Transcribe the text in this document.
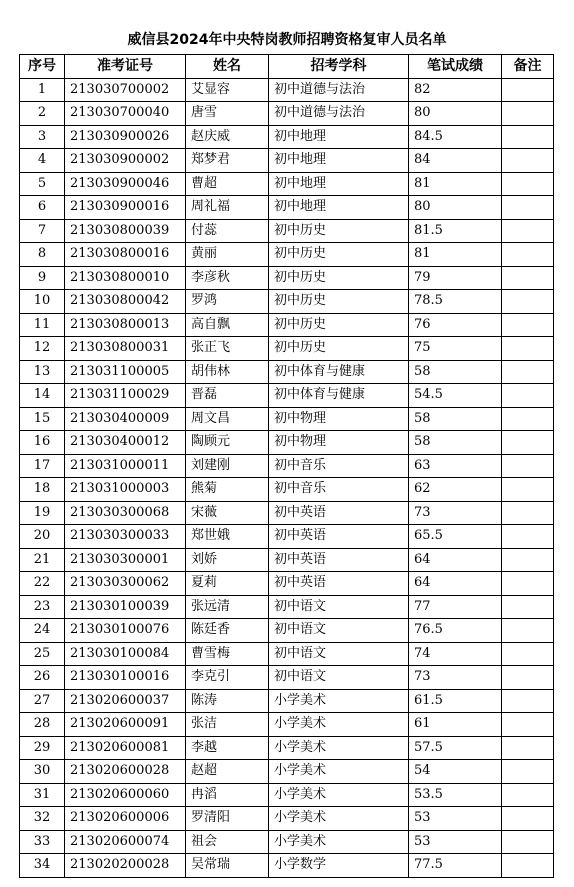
威信县2024年中央特岗教师招聘资格复审人员名单
序号	准考证号	姓名	招考学科	笔试成绩	备注
1	213030700002	艾显容	初中道德与法治	82	
2	213030700040	唐雪	初中道德与法治	80	
3	213030900026	赵庆威	初中地理	84.5	
4	213030900002	郑梦君	初中地理	84	
5	213030900046	曹超	初中地理	81	
6	213030900016	周礼福	初中地理	80	
7	213030800039	付蕊	初中历史	81.5	
8	213030800016	黄丽	初中历史	81	
9	213030800010	李彦秋	初中历史	79	
10	213030800042	罗鸿	初中历史	78.5	
11	213030800013	高自飘	初中历史	76	
12	213030800031	张正飞	初中历史	75	
13	213031100005	胡伟林	初中体育与健康	58	
14	213031100029	晋磊	初中体育与健康	54.5	
15	213030400009	周文昌	初中物理	58	
16	213030400012	陶顾元	初中物理	58	
17	213031000011	刘建刚	初中音乐	63	
18	213031000003	熊菊	初中音乐	62	
19	213030300068	宋薇	初中英语	73	
20	213030300033	郑世娥	初中英语	65.5	
21	213030300001	刘娇	初中英语	64	
22	213030300062	夏莉	初中英语	64	
23	213030100039	张远清	初中语文	77	
24	213030100076	陈廷香	初中语文	76.5	
25	213030100084	曹雪梅	初中语文	74	
26	213030100016	李克引	初中语文	73	
27	213020600037	陈涛	小学美术	61.5	
28	213020600091	张洁	小学美术	61	
29	213020600081	李越	小学美术	57.5	
30	213020600028	赵超	小学美术	54	
31	213020600060	冉滔	小学美术	53.5	
32	213020600006	罗清阳	小学美术	53	
33	213020600074	祖会	小学美术	53	
34	213020200028	吴常瑞	小学数学	77.5	
